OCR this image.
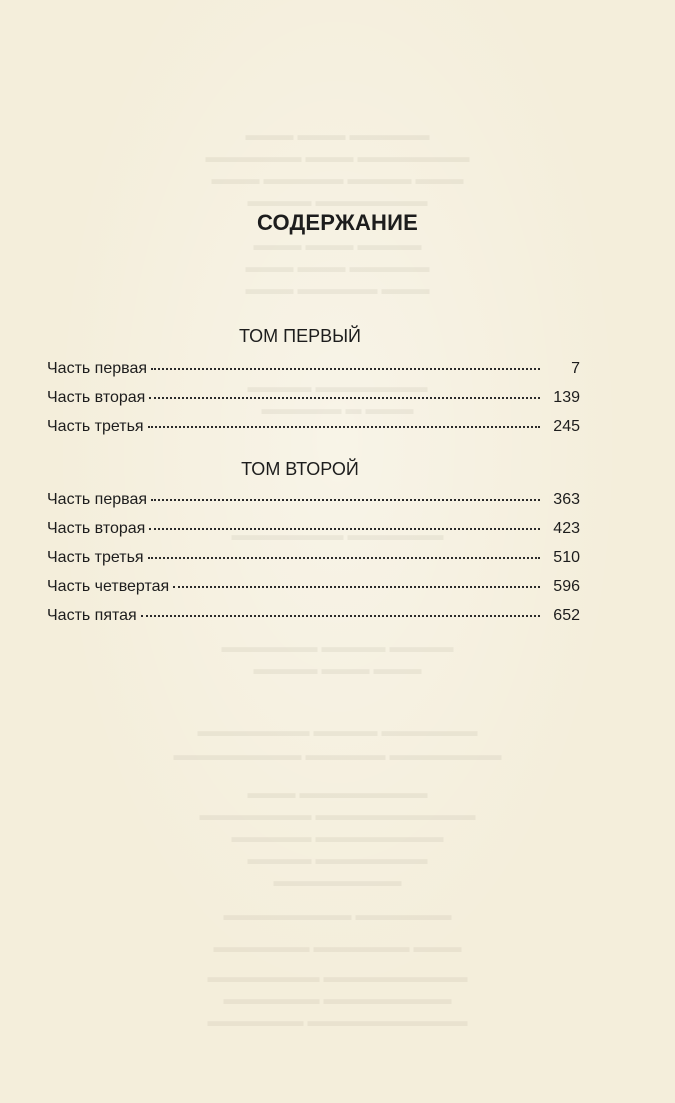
▬▬▬ ▬▬▬ ▬▬▬▬▬
▬▬▬▬▬▬ ▬▬▬ ▬▬▬▬▬▬▬
▬▬▬ ▬▬▬▬▬ ▬▬▬▬ ▬▬▬
▬▬▬▬ ▬▬▬▬▬▬▬
▬▬▬ ▬▬▬ ▬▬▬▬
▬▬▬ ▬▬▬ ▬▬▬▬▬
▬▬▬ ▬▬▬▬▬ ▬▬▬
▬▬▬▬ ▬▬▬▬▬▬▬
▬▬▬▬▬ ▬ ▬▬▬
▬▬▬▬▬▬▬ ▬▬▬▬▬▬
▬▬▬▬▬▬ ▬▬▬▬ ▬▬▬▬
▬▬▬▬ ▬▬▬ ▬▬▬
▬▬▬▬▬▬▬ ▬▬▬▬ ▬▬▬▬▬▬
▬▬▬▬▬▬▬▬ ▬▬▬▬▬ ▬▬▬▬▬▬▬
▬▬▬ ▬▬▬▬▬▬▬▬
▬▬▬▬▬▬▬ ▬▬▬▬▬▬▬▬▬▬
▬▬▬▬▬ ▬▬▬▬▬▬▬▬
▬▬▬▬ ▬▬▬▬▬▬▬
▬▬▬▬▬▬▬▬
▬▬▬▬▬▬▬▬ ▬▬▬▬▬▬
▬▬▬▬▬▬ ▬▬▬▬▬▬ ▬▬▬
▬▬▬▬▬▬▬ ▬▬▬▬▬▬▬▬▬
▬▬▬▬▬▬ ▬▬▬▬▬▬▬▬
▬▬▬▬▬▬ ▬▬▬▬▬▬▬▬▬▬
СОДЕРЖАНИЕ
ТОМ ПЕРВЫЙ
Часть первая	7
Часть вторая	139
Часть третья	245
ТОМ ВТОРОЙ
Часть первая	363
Часть вторая	423
Часть третья	510
Часть четвертая	596
Часть пятая	652
